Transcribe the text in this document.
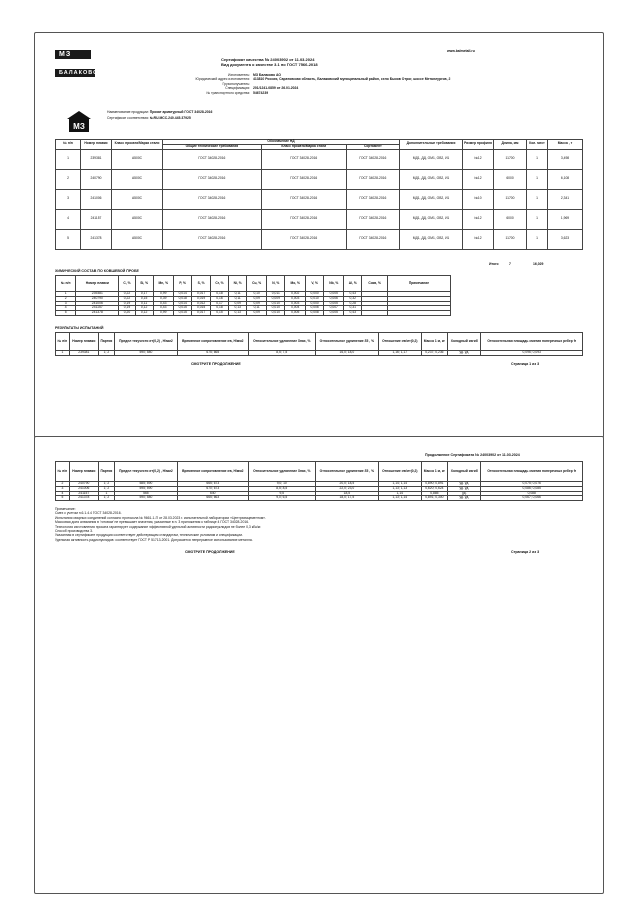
www.balmetall.ru
МЗ
БАЛАКОВО
Сертификат качества № 24003902 от 11.03.2024
Вид документа о качестве 3.1 по ГОСТ 7566-2018
Изготовитель: МЗ Балаково АО
Юридический адрес изготовителя: 413810 Россия, Саратовская область, Балаковский муниципальный район, село Быков Отрог, шоссе Металлургов, 2
Грузополучатель:
Спецификация: 201/1241-0859 от 26.01.2024
№ транспортного средства: 54674239
МЗ
Наименование продукции: Прокат арматурный ГОСТ 34028-2016
Сертификат соответствия: №RU.МСС.240.445.37925
№ п/п	Номер плавки	Класс проката/Марка стали	Обозначение НД			Дополнительные требования	Размер профиля	Длина, мм	Кол. мест	Масса , т
			Общие технические требования	Класс проката/Марка стали	Сортамент					
1	239381	A500C	ГОСТ 34028-2016	ГОСТ 34028-2016	ГОСТ 34028-2016	МД1, ДД, ОМ1, ОВ2, И1	№12	11700	1	3,498
2	240790	A500C	ГОСТ 34028-2016	ГОСТ 34028-2016	ГОСТ 34028-2016	МД1, ДД, ОМ1, ОВ2, И1	№12	6000	1	6,108
3	241006	A500C	ГОСТ 34028-2016	ГОСТ 34028-2016	ГОСТ 34028-2016	МД1, ДД, ОМ1, ОВ2, И1	№10	11700	1	2,341
4	241157	A500C	ГОСТ 34028-2016	ГОСТ 34028-2016	ГОСТ 34028-2016	МД1, ДД, ОМ1, ОВ2, И1	№12	6000	1	1,969
5	241378	A500C	ГОСТ 34028-2016	ГОСТ 34028-2016	ГОСТ 34028-2016	МД1, ДД, ОМ1, ОВ2, И1	№12	11700	1	3,623
Итого	7	16,029
ХИМИЧЕСКИЙ СОСТАВ ПО КОВШЕВОЙ ПРОБЕ
№ п/п	Номер плавки	C, %	Si, %	Mn, %	P, %	S, %	Cr, %	Ni, %	Cu, %	N, %	Mo, %	V, %	Nb, %	Al, %	Сэкв, %	Примечание
1	239381	0,22	0,17	0,99	0,014	0,017	0,18	0,11	0,10	0,011	0,002	0,000	0,005	0,43		
2	240790	0,22	0,15	0,39	0,018	0,019	0,16	0,11	0,09	0,009	0,003	0,010	0,006	0,32		
3	241006	0,19	0,11	0,43	0,014	0,012	0,17	0,09	0,09	0,010	0,003	0,000	0,005	0,28		
4	241157	0,19	0,12	0,43	0,015	0,015	0,18	0,13	0,11	0,010	0,004	0,006	0,007	0,31		
5	241378	0,20	0,12	0,99	0,015	0,017	0,15	0,13	0,09	0,010	0,005	0,008	0,005	0,43		
РЕЗУЛЬТАТЫ ИСПЫТАНИЙ
№ п/п	Номер плавки	Партия	Предел текучести σт(0,2) , Н/мм2	Временное сопротивление σв, Н/мм2	Относительное удлинение δпах, %	Относительное удлинение δ5 , %	Отношение σв/σт(0,2)	Масса 1 м, кг	Холодный изгиб	Относительная площадь смятия поперечных ребер fr
1	239381	1; 2	590; 580	675; 665	8,5; 7,5	16,0; 18,0	1,16; 1,17	0,237; 0,236	уд. уд.	0,096; 0,093
СМОТРИТЕ ПРОДОЛЖЕНИЕ	Страница 1 из 3
Продолжение Сертификата № 24003902 от 11.03.2024
№ п/п	Номер плавки	Партия	Предел текучести σт(0,2) , Н/мм2	Временное сопротивление σв, Н/мм2	Относительное удлинение δпах, %	Относительное удлинение δ5 , %	Отношение σв/σт(0,2)	Масса 1 м, кг	Холодный изгиб	Относительная площадь смятия поперечных ребер fr
2	240790	1; 2	585; 590	665; 673	9,0; 10	20,0; 18,5	1,14; 1,14	0,890; 0,891	уд. уд.	0,075; 0,076
3	241006	1; 2	595; 590	670; 673	8,5; 8,5	22,0; 23,0	1,13; 1,13	0,620; 0,624	уд. уд.	0,086; 0,085
4	241157	1	565	640	9,5	18,5	1,14	0,885	уд.	0,088
5	241378	1; 2	590; 580	665; 663	9,0; 6,5	18,0; 17,5	1,13; 1,14	0,891; 0,300	уд. уд.	0,067; 0,066
Примечание:
Смех с учетом п.6.1.4.4 ГОСТ 34028-2016.
Испытания сварных соединений согласно протокола № 9661-1-П от 28.03.2023 г. испытательной лаборатории «Центрхимцементом».
Массовая доля алюминия в 'готовом' не превышает значения, указанные в п. 3 приложения к таблице 4 ГОСТ 34028-2016.
Технология изготовления проката гарантирует содержание эффективной удельной активности радионуклидов не более 0,3 кБк/кг.
Способ производства 3.
Указанная в сертификате продукция соответствует действующим стандартам, технические условиям и спецификации.
Удельная активность радионуклидов: соответствует ГОСТ Р 51713-2001. Допускается непрерывное использование металла.
СМОТРИТЕ ПРОДОЛЖЕНИЕ	Страница 2 из 3
